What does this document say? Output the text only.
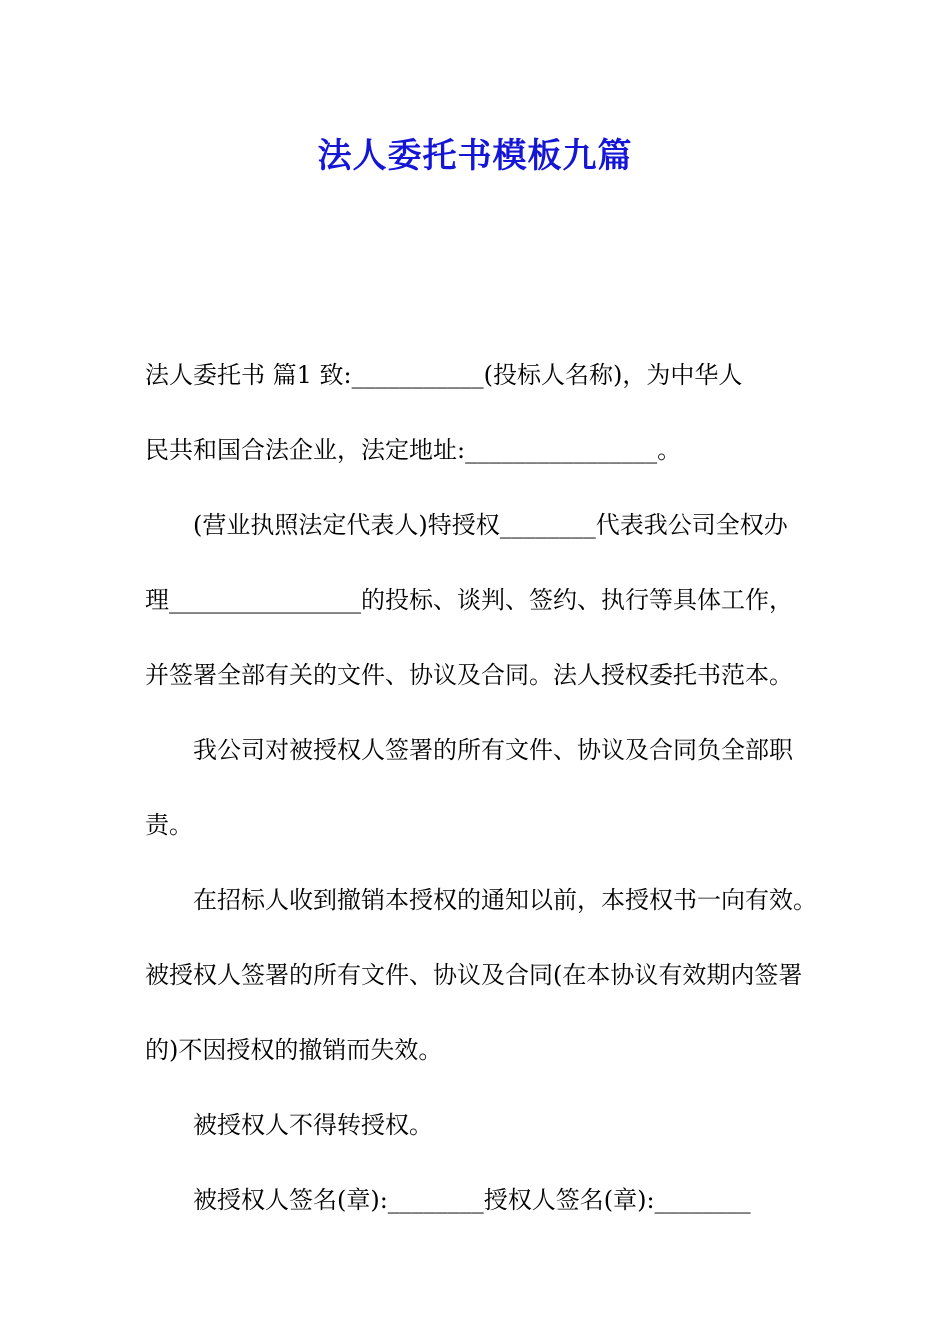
法人委托书模板九篇

法人委托书 篇1 致:___________(投标人名称)，为中华人

民共和国合法企业，法定地址:________________。

(营业执照法定代表人)特授权________代表我公司全权办

理________________的投标、谈判、签约、执行等具体工作，

并签署全部有关的文件、协议及合同。法人授权委托书范本。

我公司对被授权人签署的所有文件、协议及合同负全部职

责。

在招标人收到撤销本授权的通知以前，本授权书一向有效。

被授权人签署的所有文件、协议及合同(在本协议有效期内签署

的)不因授权的撤销而失效。

被授权人不得转授权。

被授权人签名(章):________授权人签名(章):________
